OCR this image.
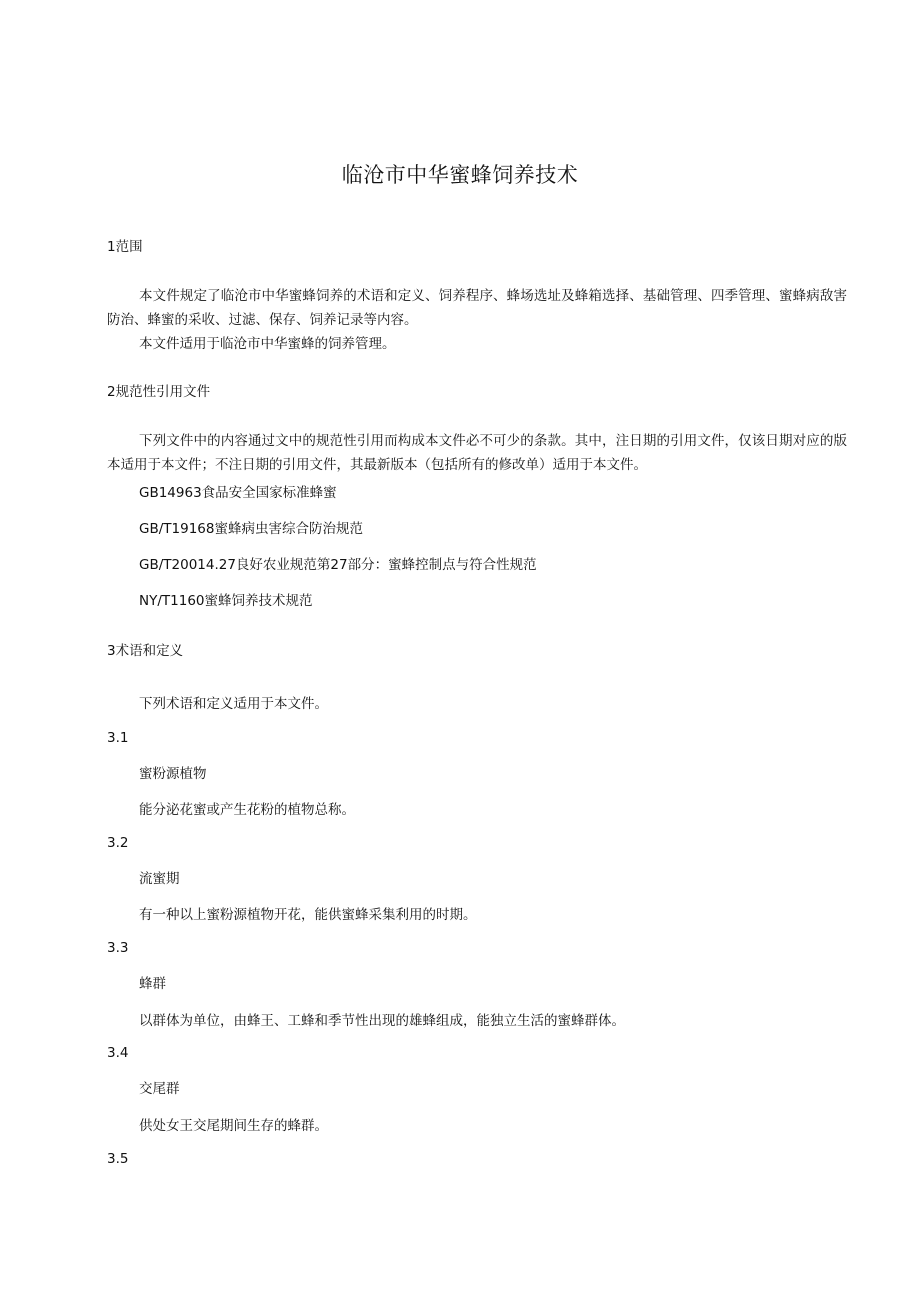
临沧市中华蜜蜂饲养技术
1范围
本文件规定了临沧市中华蜜蜂饲养的术语和定义、饲养程序、蜂场选址及蜂箱选择、基础管理、四季管理、蜜蜂病敌害防治、蜂蜜的采收、过滤、保存、饲养记录等内容。
本文件适用于临沧市中华蜜蜂的饲养管理。
2规范性引用文件
下列文件中的内容通过文中的规范性引用而构成本文件必不可少的条款。其中，注日期的引用文件，仅该日期对应的版本适用于本文件；不注日期的引用文件，其最新版本（包括所有的修改单）适用于本文件。
GB14963食品安全国家标准蜂蜜
GB/T19168蜜蜂病虫害综合防治规范
GB/T20014.27良好农业规范第27部分：蜜蜂控制点与符合性规范
NY/T1160蜜蜂饲养技术规范
3术语和定义
下列术语和定义适用于本文件。
3.1
蜜粉源植物
能分泌花蜜或产生花粉的植物总称。
3.2
流蜜期
有一种以上蜜粉源植物开花，能供蜜蜂采集利用的时期。
3.3
蜂群
以群体为单位，由蜂王、工蜂和季节性出现的雄蜂组成，能独立生活的蜜蜂群体。
3.4
交尾群
供处女王交尾期间生存的蜂群。
3.5
